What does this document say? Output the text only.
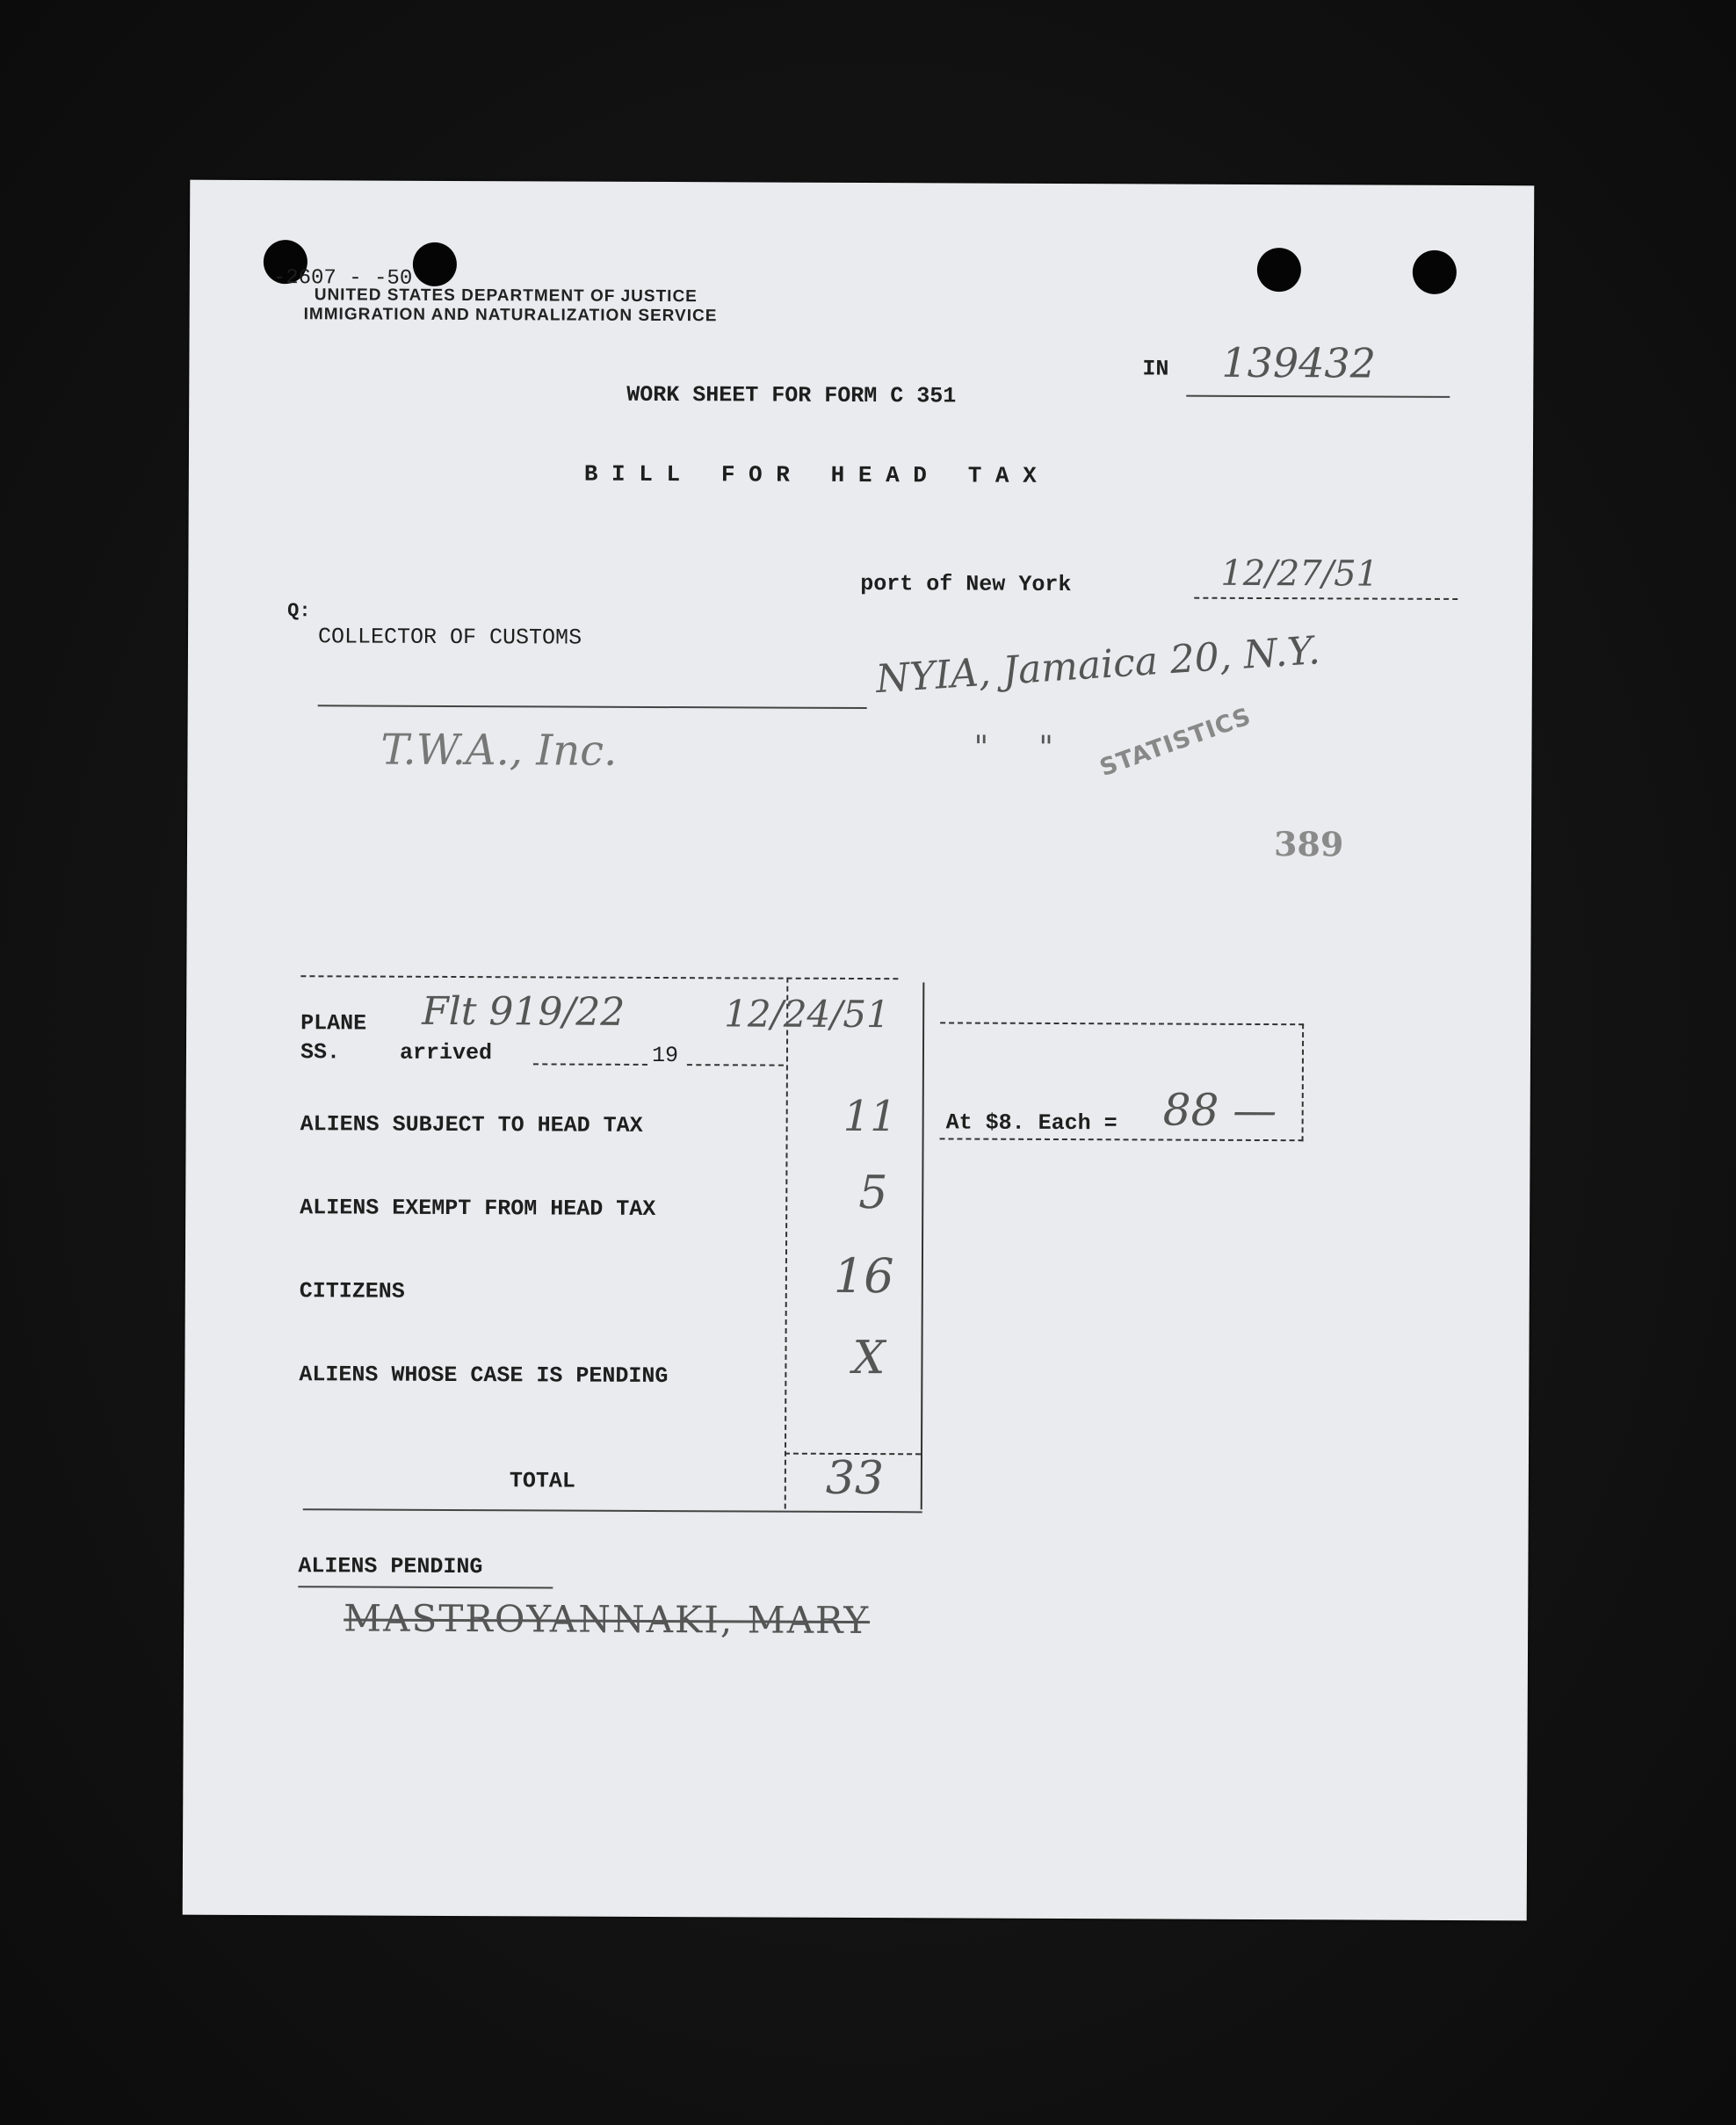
-2607 - -50
UNITED STATES DEPARTMENT OF JUSTICE
IMMIGRATION AND NATURALIZATION SERVICE
IN 139432
WORK SHEET FOR FORM C 351
B I L L   F O R   H E A D   T A X
port of New York	12/27/51
Q:
COLLECTOR OF CUSTOMS	NYIA, Jamaica 20, N.Y.
T.W.A., Inc.	"     " STATISTICS
389
PLANE
SS.	arrived	19
Flt 919/22	12/24/51
ALIENS SUBJECT TO HEAD TAX	11
ALIENS EXEMPT FROM HEAD TAX	5
CITIZENS	16
ALIENS WHOSE CASE IS PENDING	X
TOTAL	33
At $8. Each = 88 —
ALIENS PENDING
MASTROYANNAKI, MARY
